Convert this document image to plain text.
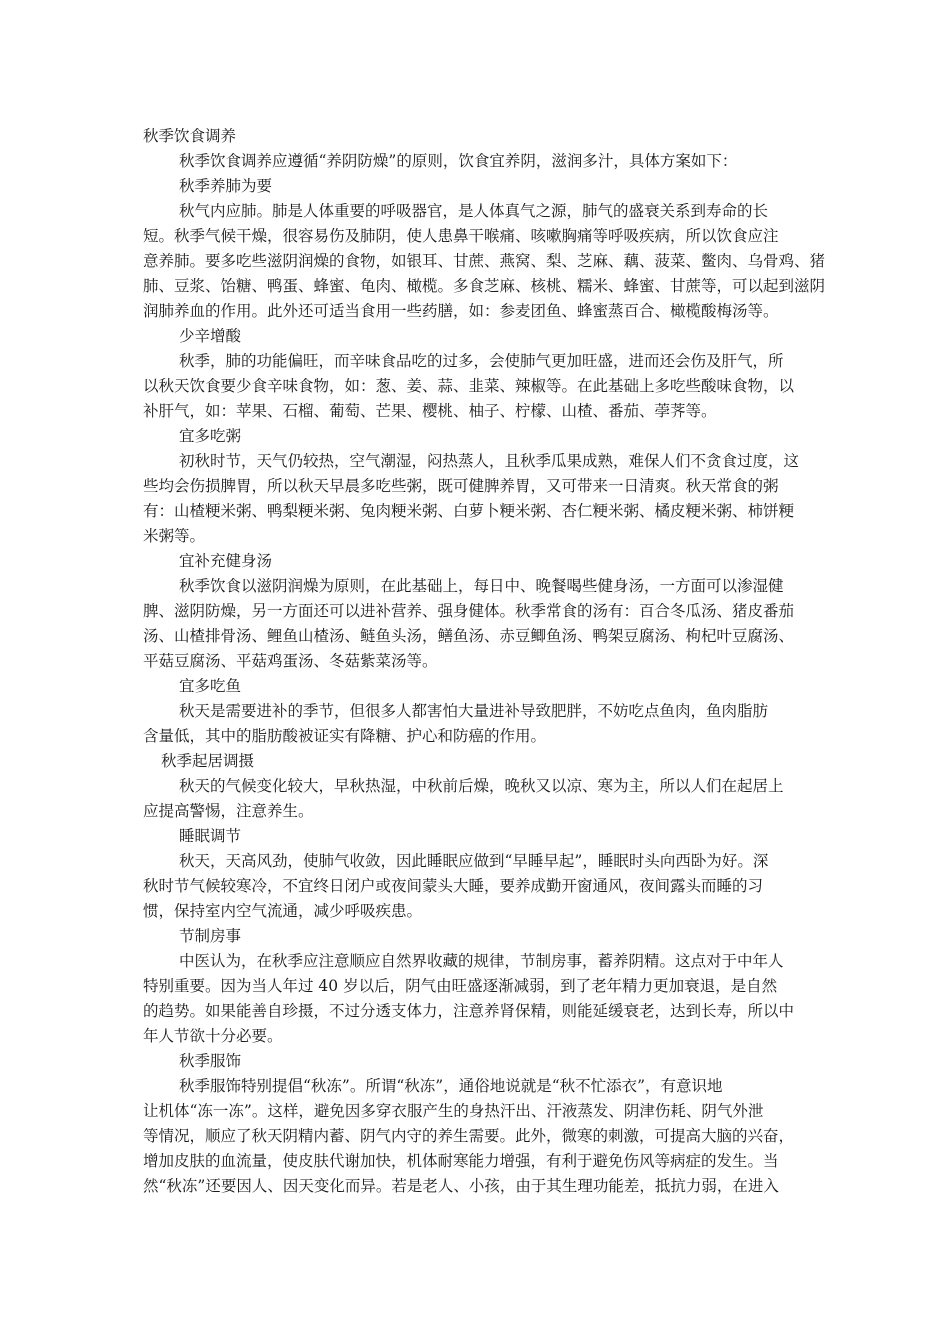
秋季饮食调养
秋季饮食调养应遵循“养阴防燥”的原则，饮食宜养阴，滋润多汁，具体方案如下：
秋季养肺为要
秋气内应肺。肺是人体重要的呼吸器官，是人体真气之源，肺气的盛衰关系到寿命的长
短。秋季气候干燥，很容易伤及肺阴，使人患鼻干喉痛、咳嗽胸痛等呼吸疾病，所以饮食应注
意养肺。要多吃些滋阴润燥的食物，如银耳、甘蔗、燕窝、梨、芝麻、藕、菠菜、鳖肉、乌骨鸡、猪
肺、豆浆、饴糖、鸭蛋、蜂蜜、龟肉、橄榄。多食芝麻、核桃、糯米、蜂蜜、甘蔗等，可以起到滋阴
润肺养血的作用。此外还可适当食用一些药膳，如：参麦团鱼、蜂蜜蒸百合、橄榄酸梅汤等。
少辛增酸
秋季，肺的功能偏旺，而辛味食品吃的过多，会使肺气更加旺盛，进而还会伤及肝气，所
以秋天饮食要少食辛味食物，如：葱、姜、蒜、韭菜、辣椒等。在此基础上多吃些酸味食物，以
补肝气，如：苹果、石榴、葡萄、芒果、樱桃、柚子、柠檬、山楂、番茄、荸荠等。
宜多吃粥
初秋时节，天气仍较热，空气潮湿，闷热蒸人，且秋季瓜果成熟，难保人们不贪食过度，这
些均会伤损脾胃，所以秋天早晨多吃些粥，既可健脾养胃，又可带来一日清爽。秋天常食的粥
有：山楂粳米粥、鸭梨粳米粥、兔肉粳米粥、白萝卜粳米粥、杏仁粳米粥、橘皮粳米粥、柿饼粳
米粥等。
宜补充健身汤
秋季饮食以滋阴润燥为原则，在此基础上，每日中、晚餐喝些健身汤，一方面可以渗湿健
脾、滋阴防燥，另一方面还可以进补营养、强身健体。秋季常食的汤有：百合冬瓜汤、猪皮番茄
汤、山楂排骨汤、鲤鱼山楂汤、鲢鱼头汤，鳝鱼汤、赤豆鲫鱼汤、鸭架豆腐汤、枸杞叶豆腐汤、
平菇豆腐汤、平菇鸡蛋汤、冬菇紫菜汤等。
宜多吃鱼
秋天是需要进补的季节，但很多人都害怕大量进补导致肥胖，不妨吃点鱼肉，鱼肉脂肪
含量低，其中的脂肪酸被证实有降糖、护心和防癌的作用。
秋季起居调摄
秋天的气候变化较大，早秋热湿，中秋前后燥，晚秋又以凉、寒为主，所以人们在起居上
应提高警惕，注意养生。
睡眠调节
秋天，天高风劲，使肺气收敛，因此睡眠应做到“早睡早起”，睡眠时头向西卧为好。深
秋时节气候较寒冷，不宜终日闭户或夜间蒙头大睡，要养成勤开窗通风，夜间露头而睡的习
惯，保持室内空气流通，减少呼吸疾患。
节制房事
中医认为，在秋季应注意顺应自然界收藏的规律，节制房事，蓄养阴精。这点对于中年人
特别重要。因为当人年过 40 岁以后，阴气由旺盛逐渐减弱，到了老年精力更加衰退，是自然
的趋势。如果能善自珍摄，不过分透支体力，注意养肾保精，则能延缓衰老，达到长寿，所以中
年人节欲十分必要。
秋季服饰
秋季服饰特别提倡“秋冻”。所谓“秋冻”，通俗地说就是“秋不忙添衣”，有意识地
让机体“冻一冻”。这样，避免因多穿衣服产生的身热汗出、汗液蒸发、阴津伤耗、阴气外泄
等情况，顺应了秋天阴精内蓄、阴气内守的养生需要。此外，微寒的刺激，可提高大脑的兴奋，
增加皮肤的血流量，使皮肤代谢加快，机体耐寒能力增强，有利于避免伤风等病症的发生。当
然“秋冻”还要因人、因天变化而异。若是老人、小孩，由于其生理功能差，抵抗力弱，在进入
